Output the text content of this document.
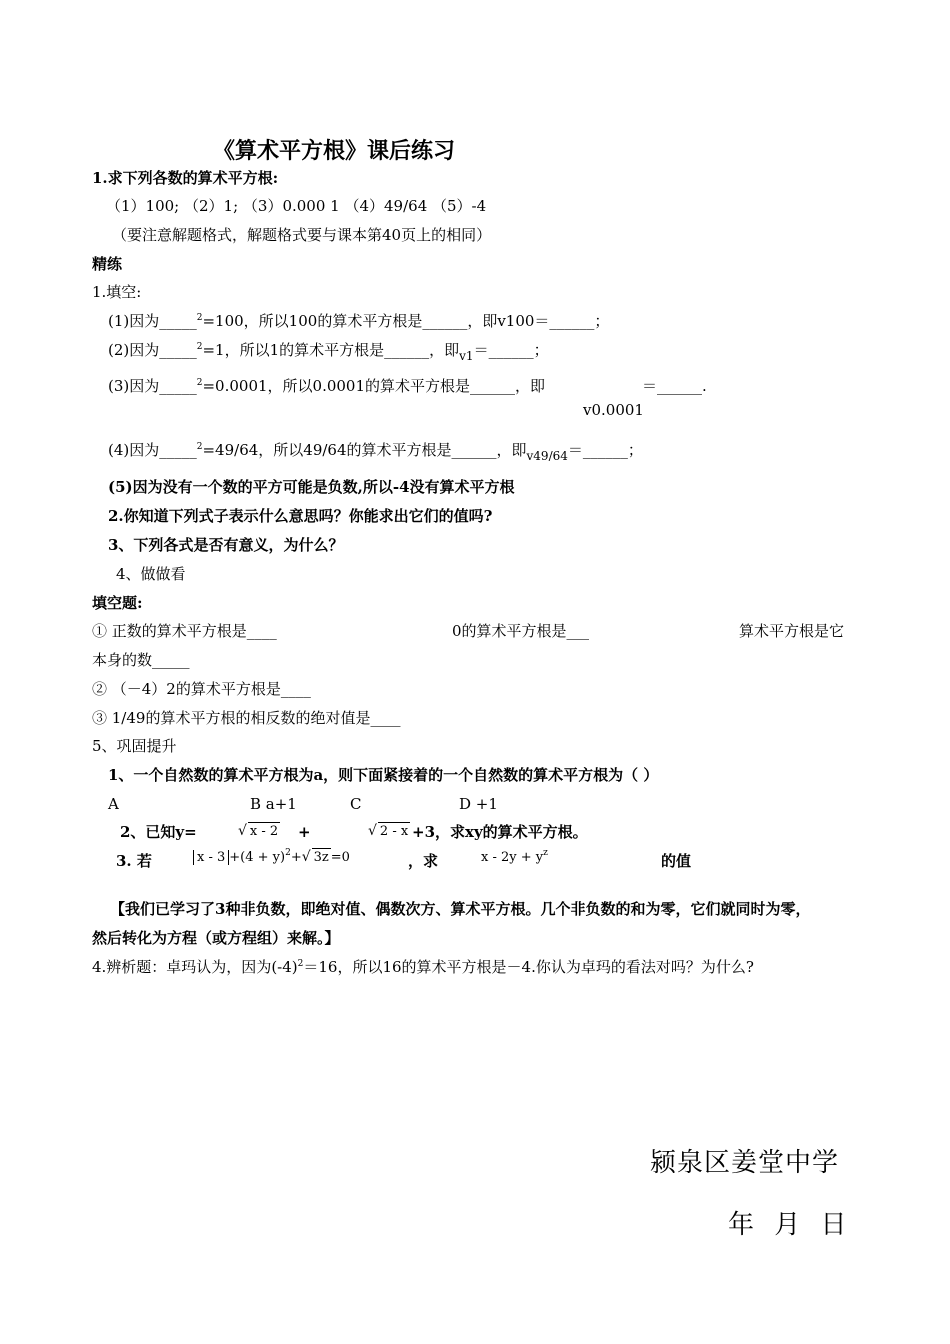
《算术平方根》课后练习
1.求下列各数的算术平方根:
（1）100; （2）1; （3）0.000 1 （4）49/64 （5）-4
（要注意解题格式，解题格式要与课本第40页上的相同）
精练
1.填空:
(1)因为_____$^2$=100，所以100的算术平方根是______，即v100＝______；
(2)因为_____$^2$=1，所以1的算术平方根是______，即$_{v1}$＝______；
(3)因为_____$^2$=0.0001，所以0.0001的算术平方根是______，即	＝______.
v0.0001
(4)因为_____$^2$=49/64，所以49/64的算术平方根是______，即$_{v49/64}$＝______；
(5)因为没有一个数的平方可能是负数,所以-4没有算术平方根
2.你知道下列式子表示什么意思吗？你能求出它们的值吗?
3、下列各式是否有意义，为什么？
4、做做看
填空题:
① 正数的算术平方根是____	0的算术平方根是___	算术平方根是它
本身的数_____
② （－4）2的算术平方根是____
③ 1/49的算术平方根的相反数的绝对值是____
5、巩固提升
1、一个自然数的算术平方根为a，则下面紧接着的一个自然数的算术平方根为（ ）
A	B a+1	C	D +1
2、已知y=	√ x - 2 +	√ 2 - x +3，求xy的算术平方根。
3. 若	$x - 3 +(4 + y)^2+√$ 3z =0	，求	$x - 2y + y^z$	的值
【我们已学习了3种非负数，即绝对值、偶数次方、算术平方根。几个非负数的和为零，它们就同时为零，
然后转化为方程（或方程组）来解。】
4.辨析题：卓玛认为，因为$(-4)^2=16$，所以16的算术平方根是－4.你认为卓玛的看法对吗？为什么?
颍泉区姜堂中学
年 月 日
